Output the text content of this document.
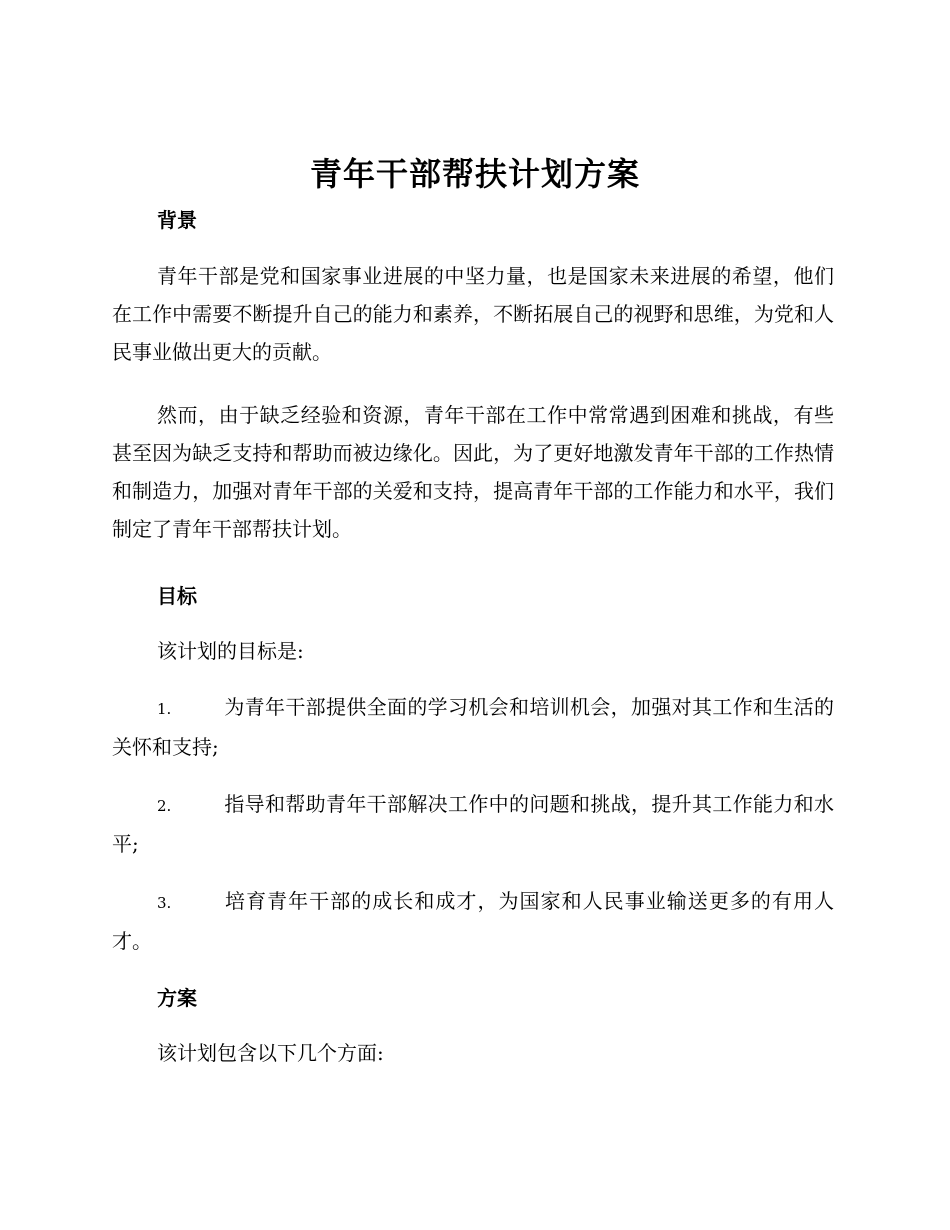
青年干部帮扶计划方案
背景

青年干部是党和国家事业进展的中坚力量，也是国家未来进展的希望，他们在工作中需要不断提升自己的能力和素养，不断拓展自己的视野和思维，为党和人民事业做出更大的贡献。

然而，由于缺乏经验和资源，青年干部在工作中常常遇到困难和挑战，有些甚至因为缺乏支持和帮助而被边缘化。因此，为了更好地激发青年干部的工作热情和制造力，加强对青年干部的关爱和支持，提高青年干部的工作能力和水平，我们制定了青年干部帮扶计划。

目标

该计划的目标是:

1.	为青年干部提供全面的学习机会和培训机会，加强对其工作和生活的关怀和支持;

2.	指导和帮助青年干部解决工作中的问题和挑战，提升其工作能力和水平;

3.	培育青年干部的成长和成才，为国家和人民事业输送更多的有用人才。

方案

该计划包含以下几个方面:
